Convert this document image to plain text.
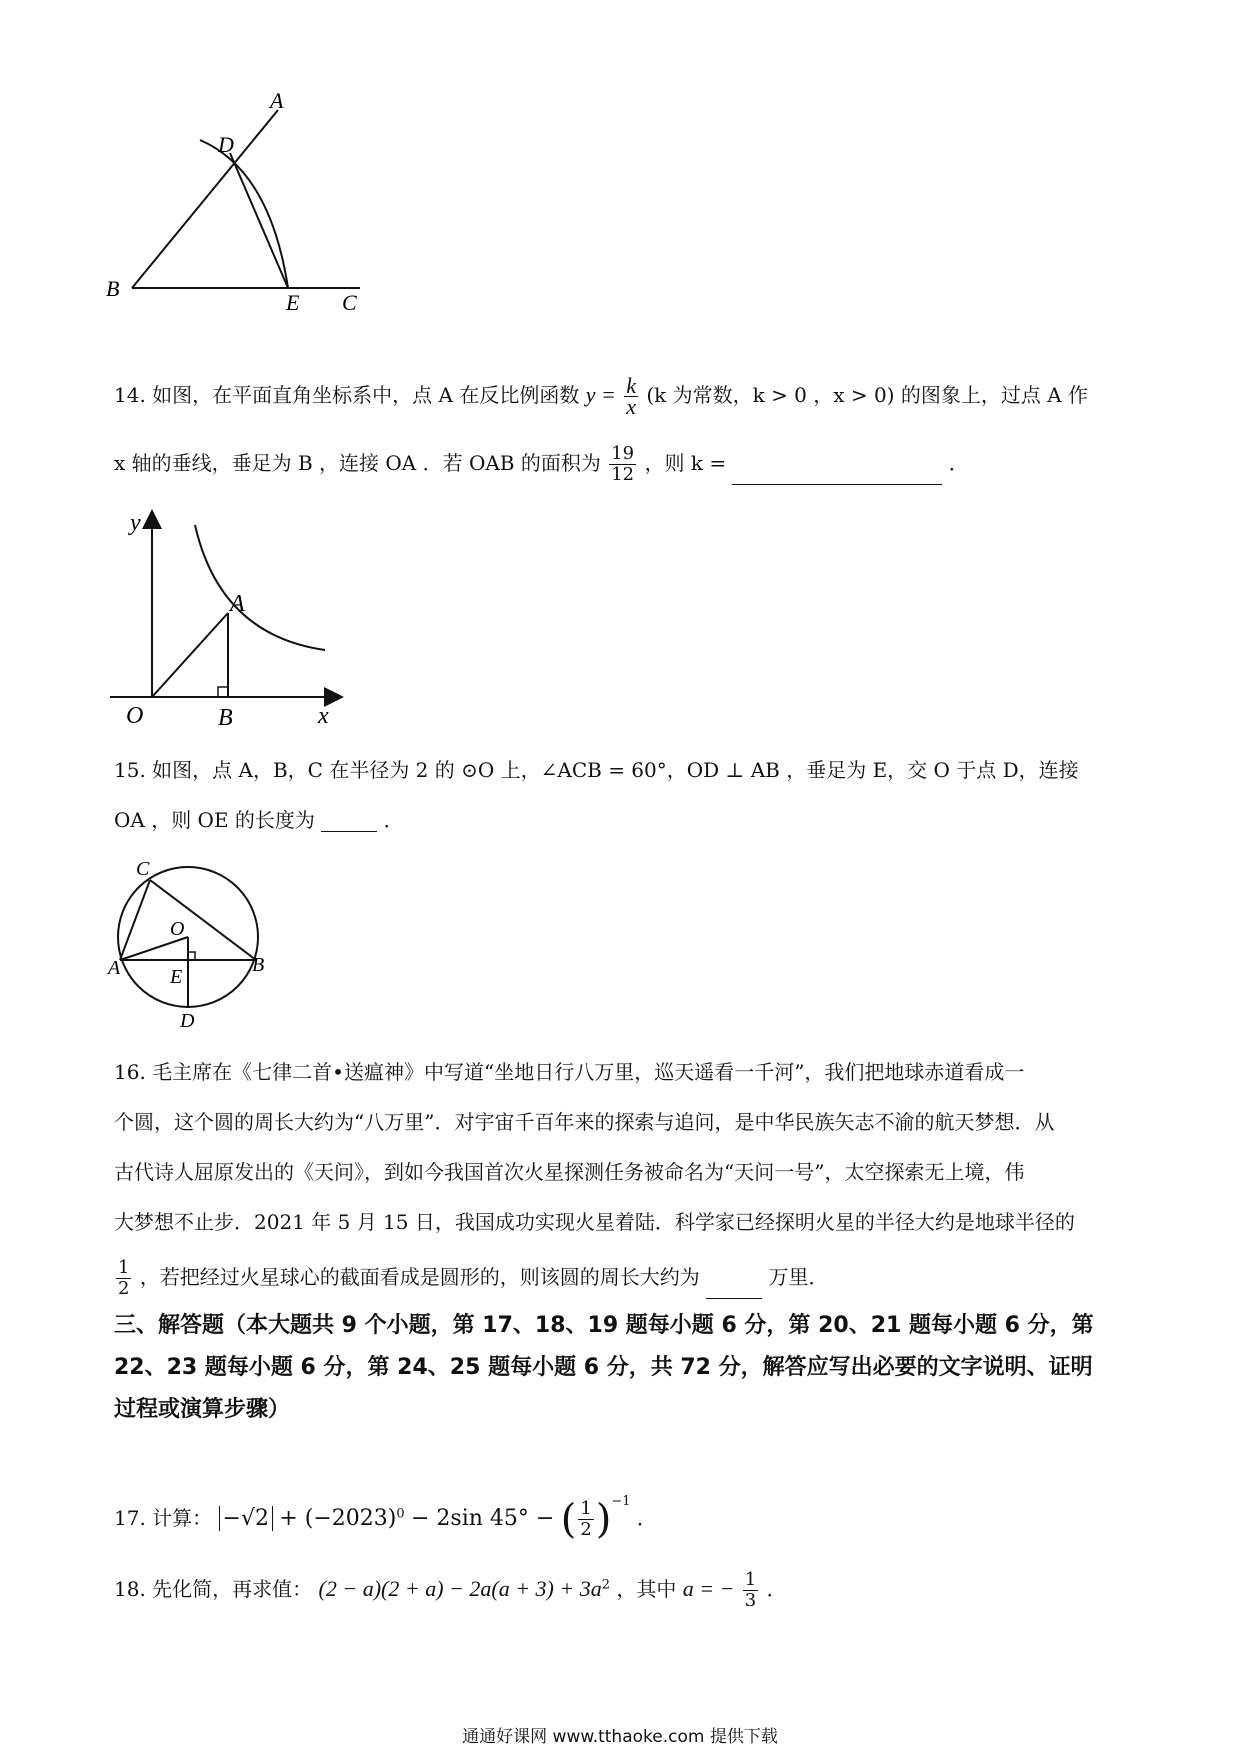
A
D
B
E C
14. 如图，在平面直角坐标系中，点 A 在反比例函数 $y = \frac{k}{x} (k$ 为常数，k > 0 ，x > 0) 的图象上，过点 A 作
x 轴的垂线，垂足为 B ，连接 OA ．若 OAB 的面积为 $\frac{19}{12}$ ，则 k =	．
y
A
O	B	x
15. 如图，点 A，B，C 在半径为 2 的 ⊙O 上，∠ACB = 60°，OD ⊥ AB ，垂足为 E，交 O 于点 D，连接
OA ，则 OE 的长度为	．
C
O
A E
B
D
16. 毛主席在《七律二首•送瘟神》中写道“坐地日行八万里，巡天遥看一千河”，我们把地球赤道看成一
个圆，这个圆的周长大约为“八万里”．对宇宙千百年来的探索与追问，是中华民族矢志不渝的航天梦想．从
古代诗人屈原发出的《天问》，到如今我国首次火星探测任务被命名为“天问一号”，太空探索无上境，伟
大梦想不止步．2021 年 5 月 15 日，我国成功实现火星着陆．科学家已经探明火星的半径大约是地球半径的
$\frac{1}{2}$ ，若把经过火星球心的截面看成是圆形的，则该圆的周长大约为	万里．
三、解答题（本大题共 9 个小题，第 17、18、19 题每小题 6 分，第 20、21 题每小题 6 分，第
22、23 题每小题 6 分，第 24、25 题每小题 6 分，共 72 分，解答应写出必要的文字说明、证明
过程或演算步骤）
17. 计算： $-√2 + (-2023)^0 - 2\sin$ 45° − ( $\frac{1}{2} )^{-1}$ ．
18. 先化简，再求值： $(2 - a)(2 + a) - 2a(a + 3) + 3a^2$ ，其中 a = − $\frac{1}{3}$ ．
通通好课网 www.tthaoke.com 提供下载
